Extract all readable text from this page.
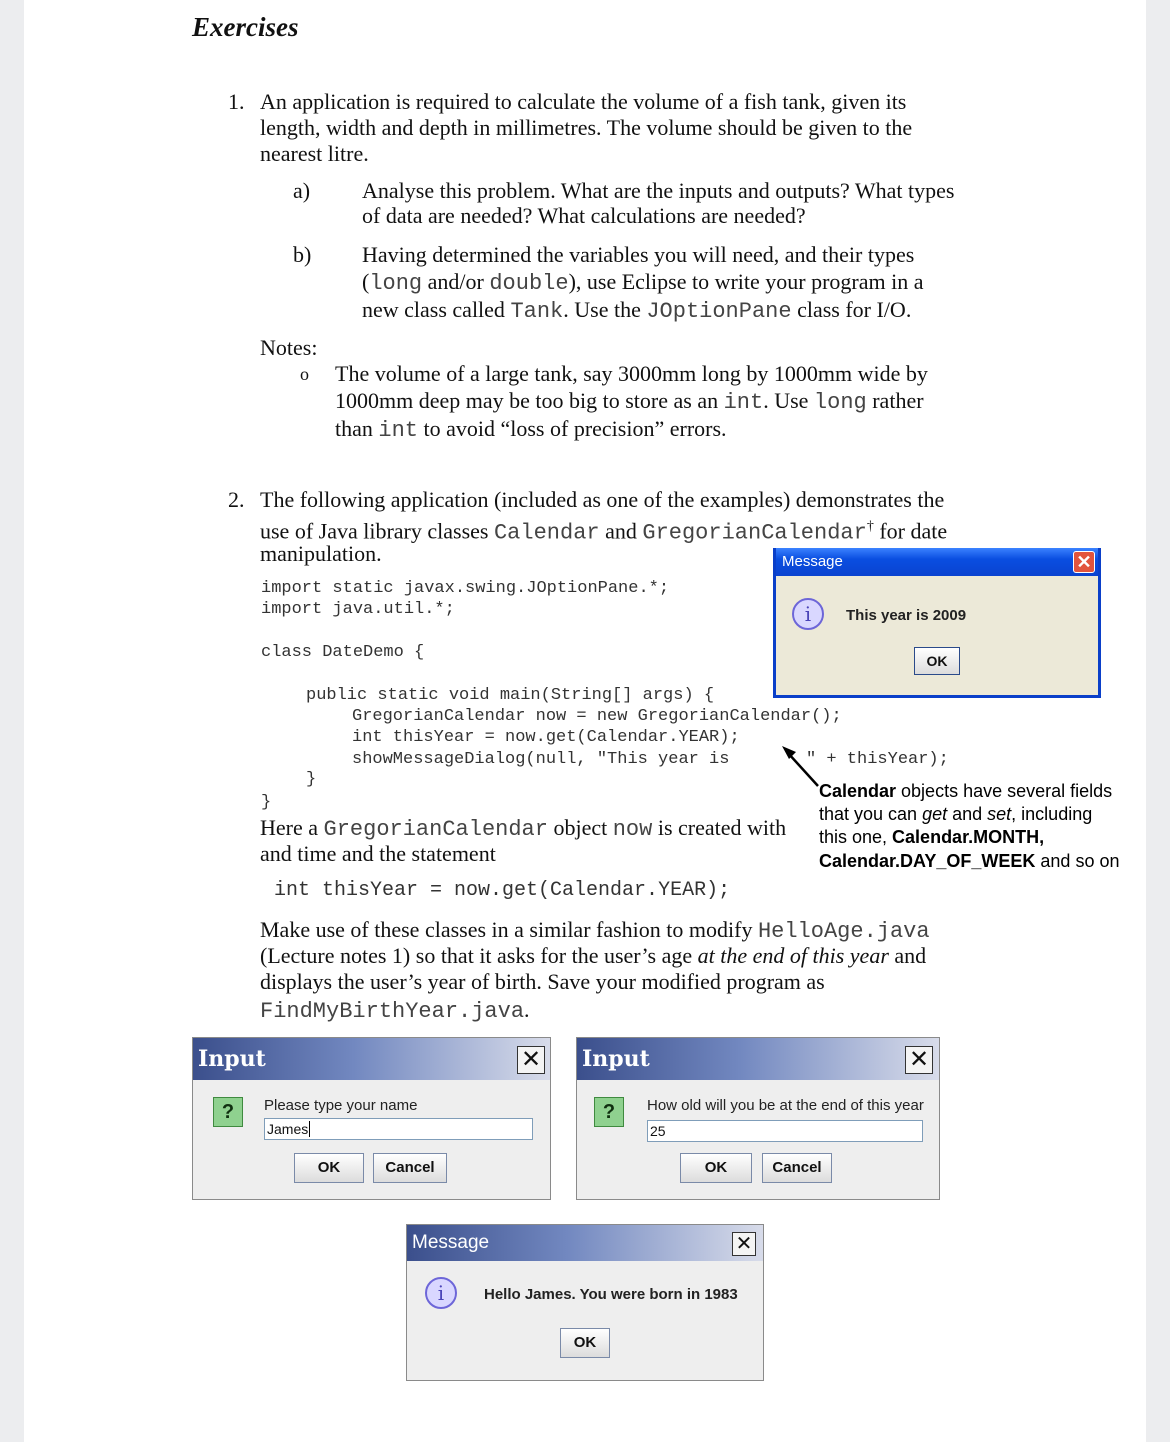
Exercises
1. An application is required to calculate the volume of a fish tank, given its
length, width and depth in millimetres. The volume should be given to the
nearest litre.
a) Analyse this problem. What are the inputs and outputs? What types
of data are needed? What calculations are needed?
b) Having determined the variables you will need, and their types
(long and/or double), use Eclipse to write your program in a
new class called Tank. Use the JOptionPane class for I/O.
Notes:
o The volume of a large tank, say 3000mm long by 1000mm wide by
1000mm deep may be too big to store as an int. Use long rather
than int to avoid “loss of precision” errors.
2. The following application (included as one of the examples) demonstrates the
use of Java library classes Calendar and GregorianCalendar† for date
manipulation.
import static javax.swing.JOptionPane.*;
import java.util.*;
class DateDemo {
public static void main(String[] args) {
GregorianCalendar now = new GregorianCalendar();
int thisYear = now.get(Calendar.YEAR);
showMessageDialog(null, "This year is	" + thisYear);
}
}
Calendar objects have several fields
that you can get and set, including
this one, Calendar.MONTH,
Calendar.DAY_OF_WEEK and so on
Here a GregorianCalendar object now is created with
and time and the statement
int thisYear = now.get(Calendar.YEAR);
Make use of these classes in a similar fashion to modify HelloAge.java
(Lecture notes 1) so that it asks for the user’s age at the end of this year and
displays the user’s year of birth. Save your modified program as
FindMyBirthYear.java.
Message	✕
i	This year is 2009
OK
Input	✕
?	Please type your name
James
OK	Cancel
Input	✕
?	How old will you be at the end of this year
25
OK	Cancel
Message	✕
i	Hello James. You were born in 1983
OK
